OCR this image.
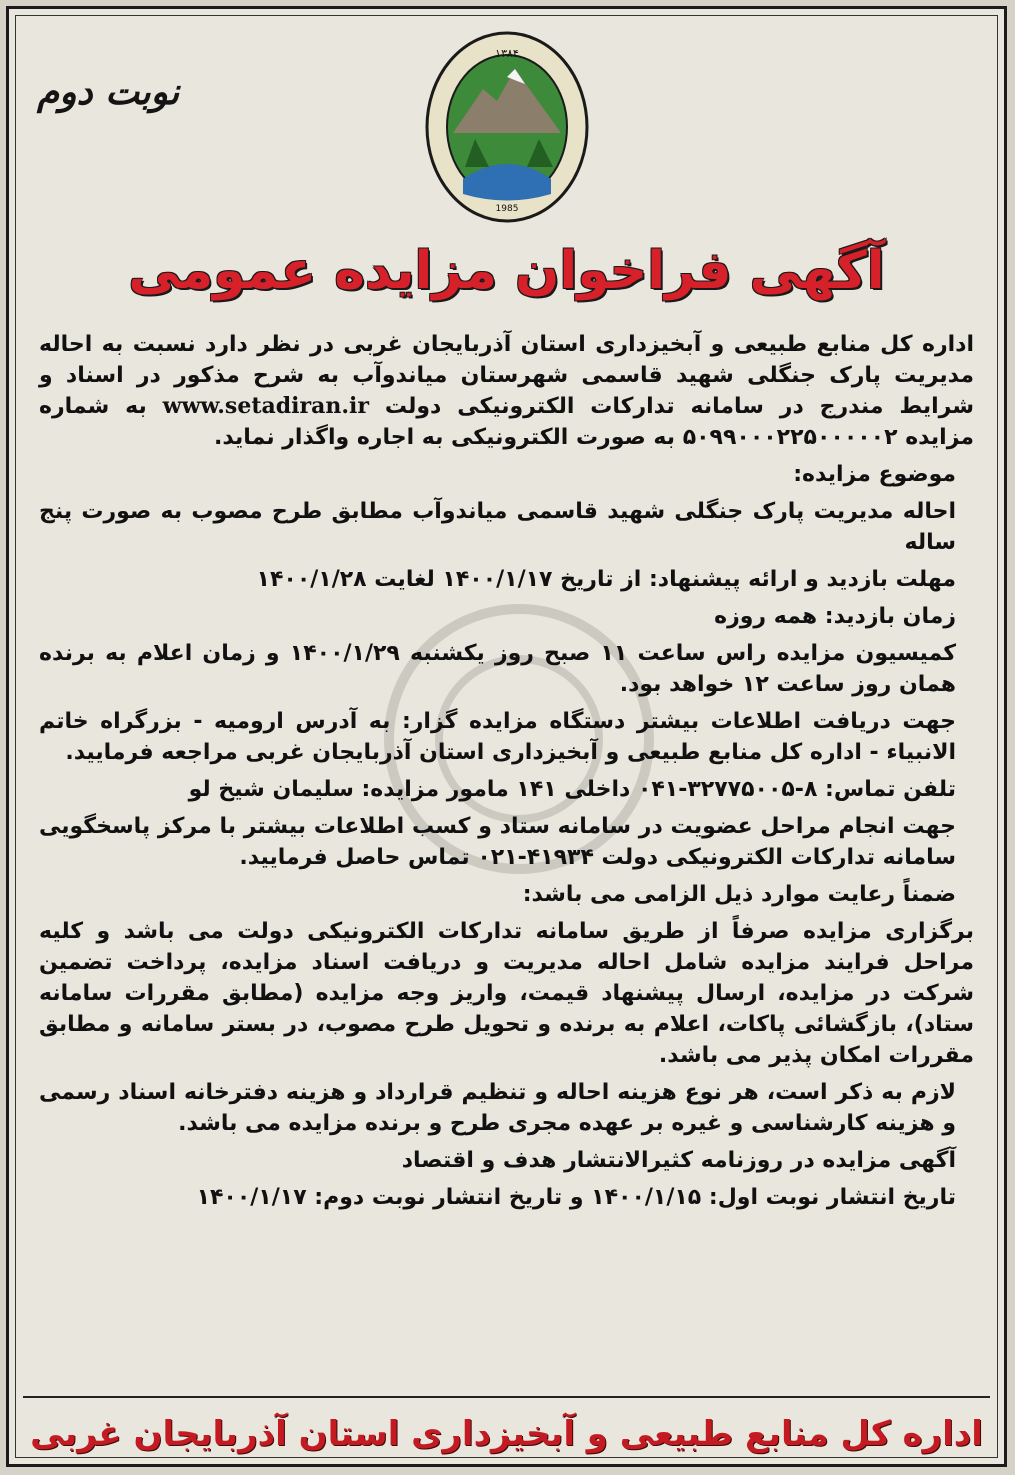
نوبت دوم
۱۳۸۴
1985
آگهی فراخوان مزایده عمومی

اداره کل منابع طبیعی و آبخیزداری استان آذربایجان غربی در نظر دارد نسبت به احاله مدیریت پارک جنگلی شهید قاسمی شهرستان میاندوآب به شرح مذکور در اسناد و شرایط مندرج در سامانه تدارکات الکترونیکی دولت www.setadiran.ir به شماره مزایده ۵۰۹۹۰۰۰۲۲۵۰۰۰۰۰۲ به صورت الکترونیکی به اجاره واگذار نماید.

موضوع مزایده:

احاله مدیریت پارک جنگلی شهید قاسمی میاندوآب مطابق طرح مصوب به صورت پنج ساله

مهلت بازدید و ارائه پیشنهاد: از تاریخ ۱۴۰۰/۱/۱۷ لغایت ۱۴۰۰/۱/۲۸

زمان بازدید: همه روزه

کمیسیون مزایده راس ساعت ۱۱ صبح روز یکشنبه ۱۴۰۰/۱/۲۹ و زمان اعلام به برنده همان روز ساعت ۱۲ خواهد بود.

جهت دریافت اطلاعات بیشتر دستگاه مزایده گزار: به آدرس ارومیه - بزرگراه خاتم الانبیاء - اداره کل منابع طبیعی و آبخیزداری استان آذربایجان غربی مراجعه فرمایید.

تلفن تماس: ۸-۳۲۷۷۵۰۰۵-۰۴۱ داخلی ۱۴۱ مامور مزایده: سلیمان شیخ لو

جهت انجام مراحل عضویت در سامانه ستاد و کسب اطلاعات بیشتر با مرکز پاسخگویی سامانه تدارکات الکترونیکی دولت ۴۱۹۳۴-۰۲۱ تماس حاصل فرمایید.

ضمناً رعایت موارد ذیل الزامی می باشد:

برگزاری مزایده صرفاً از طریق سامانه تدارکات الکترونیکی دولت می باشد و کلیه مراحل فرایند مزایده شامل احاله مدیریت و دریافت اسناد مزایده، پرداخت تضمین شرکت در مزایده، ارسال پیشنهاد قیمت، واریز وجه مزایده (مطابق مقررات سامانه ستاد)، بازگشائی پاکات، اعلام به برنده و تحویل طرح مصوب، در بستر سامانه و مطابق مقررات امکان پذیر می باشد.

لازم به ذکر است، هر نوع هزینه احاله و تنظیم قرارداد و هزینه دفترخانه اسناد رسمی و هزینه کارشناسی و غیره بر عهده مجری طرح و برنده مزایده می باشد.

آگهی مزایده در روزنامه کثیرالانتشار هدف و اقتصاد

تاریخ انتشار نوبت اول: ۱۴۰۰/۱/۱۵ و تاریخ انتشار نوبت دوم: ۱۴۰۰/۱/۱۷

اداره کل منابع طبیعی و آبخیزداری استان آذربایجان غربی
